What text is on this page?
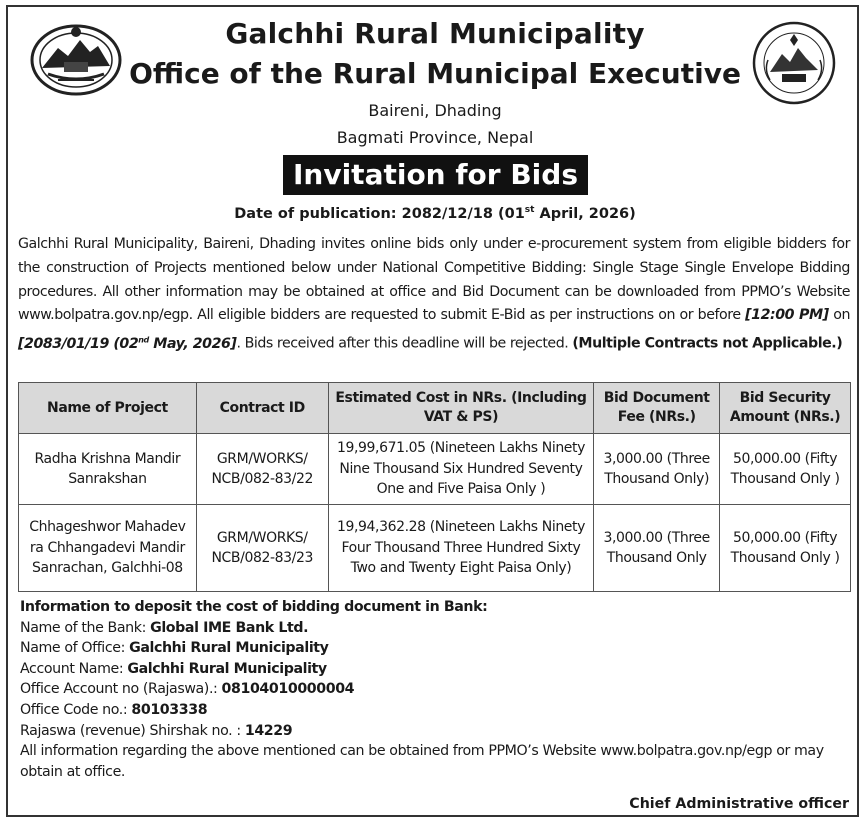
Galchhi Rural Municipality
Office of the Rural Municipal Executive
Baireni, Dhading
Bagmati Province, Nepal
Invitation for Bids
Date of publication: 2082/12/18 (01st April, 2026)
Galchhi Rural Municipality, Baireni, Dhading invites online bids only under e-procurement system from eligible bidders for the construction of Projects mentioned below under National Competitive Bidding: Single Stage Single Envelope Bidding procedures. All other information may be obtained at office and Bid Document can be downloaded from PPMO’s Website www.bolpatra.gov.np/egp. All eligible bidders are requested to submit E-Bid as per instructions on or before [12:00 PM] on [2083/01/19 (02nd May, 2026]. Bids received after this deadline will be rejected. (Multiple Contracts not Applicable.)
Name of Project	Contract ID	Estimated Cost in NRs. (Including VAT & PS)	Bid Document Fee (NRs.)	Bid Security Amount (NRs.)
Radha Krishna Mandir Sanrakshan	GRM/WORKS/ NCB/082-83/22	19,99,671.05 (Nineteen Lakhs Ninety Nine Thousand Six Hundred Seventy One and Five Paisa Only )	3,000.00 (Three Thousand Only)	50,000.00 (Fifty Thousand Only )
Chhageshwor Mahadev ra Chhangadevi Mandir Sanrachan, Galchhi-08	GRM/WORKS/ NCB/082-83/23	19,94,362.28 (Nineteen Lakhs Ninety Four Thousand Three Hundred Sixty Two and Twenty Eight Paisa Only)	3,000.00 (Three Thousand Only	50,000.00 (Fifty Thousand Only )
Information to deposit the cost of bidding document in Bank:
Name of the Bank: Global IME Bank Ltd.
Name of Office: Galchhi Rural Municipality
Account Name: Galchhi Rural Municipality
Office Account no (Rajaswa).: 08104010000004
Office Code no.: 80103338
Rajaswa (revenue) Shirshak no. : 14229
All information regarding the above mentioned can be obtained from PPMO’s Website www.bolpatra.gov.np/egp or may obtain at office.
Chief Administrative officer
